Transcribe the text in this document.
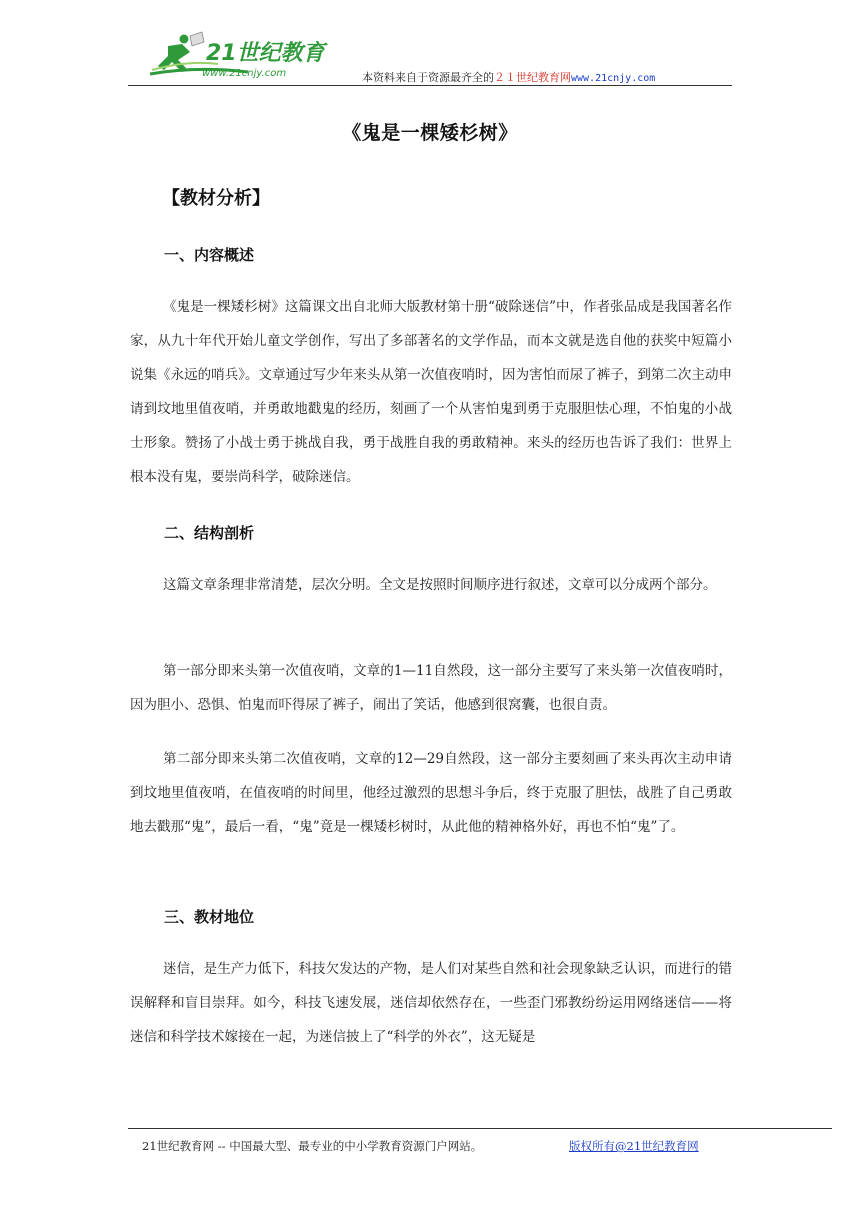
21世纪教育
www.21cnjy.com	本资料来自于资源最齐全的２１世纪教育网www.21cnjy.com
《鬼是一棵矮杉树》
【教材分析】
一、内容概述

《鬼是一棵矮杉树》这篇课文出自北师大版教材第十册“破除迷信”中，作者张品成是我国著名作家，从九十年代开始儿童文学创作，写出了多部著名的文学作品，而本文就是选自他的获奖中短篇小说集《永远的哨兵》。文章通过写少年来头从第一次值夜哨时，因为害怕而尿了裤子，到第二次主动申请到坟地里值夜哨，并勇敢地戳鬼的经历，刻画了一个从害怕鬼到勇于克服胆怯心理，不怕鬼的小战士形象。赞扬了小战士勇于挑战自我，勇于战胜自我的勇敢精神。来头的经历也告诉了我们：世界上根本没有鬼，要崇尚科学，破除迷信。

二、结构剖析

这篇文章条理非常清楚，层次分明。全文是按照时间顺序进行叙述，文章可以分成两个部分。

第一部分即来头第一次值夜哨，文章的1—11自然段，这一部分主要写了来头第一次值夜哨时，因为胆小、恐惧、怕鬼而吓得尿了裤子，闹出了笑话，他感到很窝囊，也很自责。

第二部分即来头第二次值夜哨，文章的12—29自然段，这一部分主要刻画了来头再次主动申请到坟地里值夜哨，在值夜哨的时间里，他经过激烈的思想斗争后，终于克服了胆怯，战胜了自己勇敢地去戳那“鬼”，最后一看，“鬼”竟是一棵矮杉树时，从此他的精神格外好，再也不怕“鬼”了。

三、教材地位

迷信，是生产力低下，科技欠发达的产物，是人们对某些自然和社会现象缺乏认识，而进行的错误解释和盲目崇拜。如今，科技飞速发展，迷信却依然存在，一些歪门邪教纷纷运用网络迷信——将迷信和科学技术嫁接在一起，为迷信披上了“科学的外衣”，这无疑是

21世纪教育网 -- 中国最大型、最专业的中小学教育资源门户网站。	版权所有@21世纪教育网
